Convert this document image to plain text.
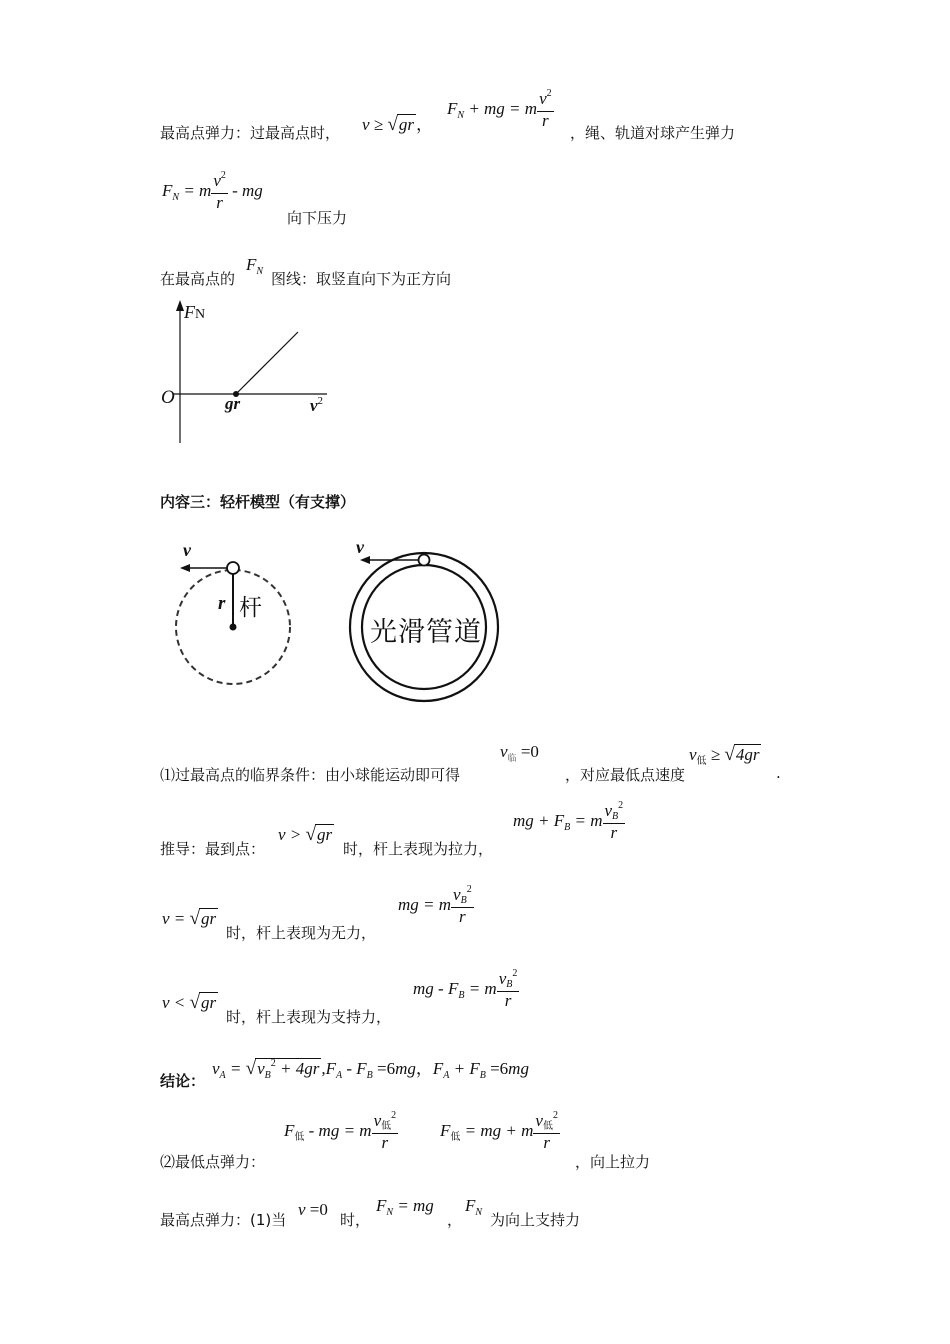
最高点弹力：过最高点时， v ≥ √gr ，
$F_N$ + mg = m $\frac{v^2}{r}$
，绳、轨道对球产生弹力
$F_N = m \frac{v^2}{r}$ - mg
向下压力
在最高点的
$F_N$ 图线：取竖直向下为正方向
FN
O	gr	$v^2$
内容三：轻杆模型（有支撑）
v
r 杆
v
光滑管道
⑴过最高点的临界条件：由小球能运动即可得
$v_临 =0$
，对应最低点速度
$v_低 \ge √4gr$
.
推导：最到点：
v > √gr
时，杆上表现为拉力，
mg + $F_B = m \frac{vB^2}{r}$
v = √gr
时，杆上表现为无力，
mg = m $\frac{vB^2}{r}$
v < √gr
时，杆上表现为支持力，
mg - $F_B = m \frac{vB^2}{r}$
结论：
$v_A = √v_B^2 + 4gr$ $,F_A - F_B =6mg$，$F_A + F_B =6mg$
⑵最低点弹力：
$F_低$ - mg = m $\frac{v低^2}{r} F_低$ = mg + m $\frac{v低^2}{r}$
，向上拉力
最高点弹力：(1)当
v =0
时，
$F_N$ = mg
，
$F_N$ 为向上支持力
